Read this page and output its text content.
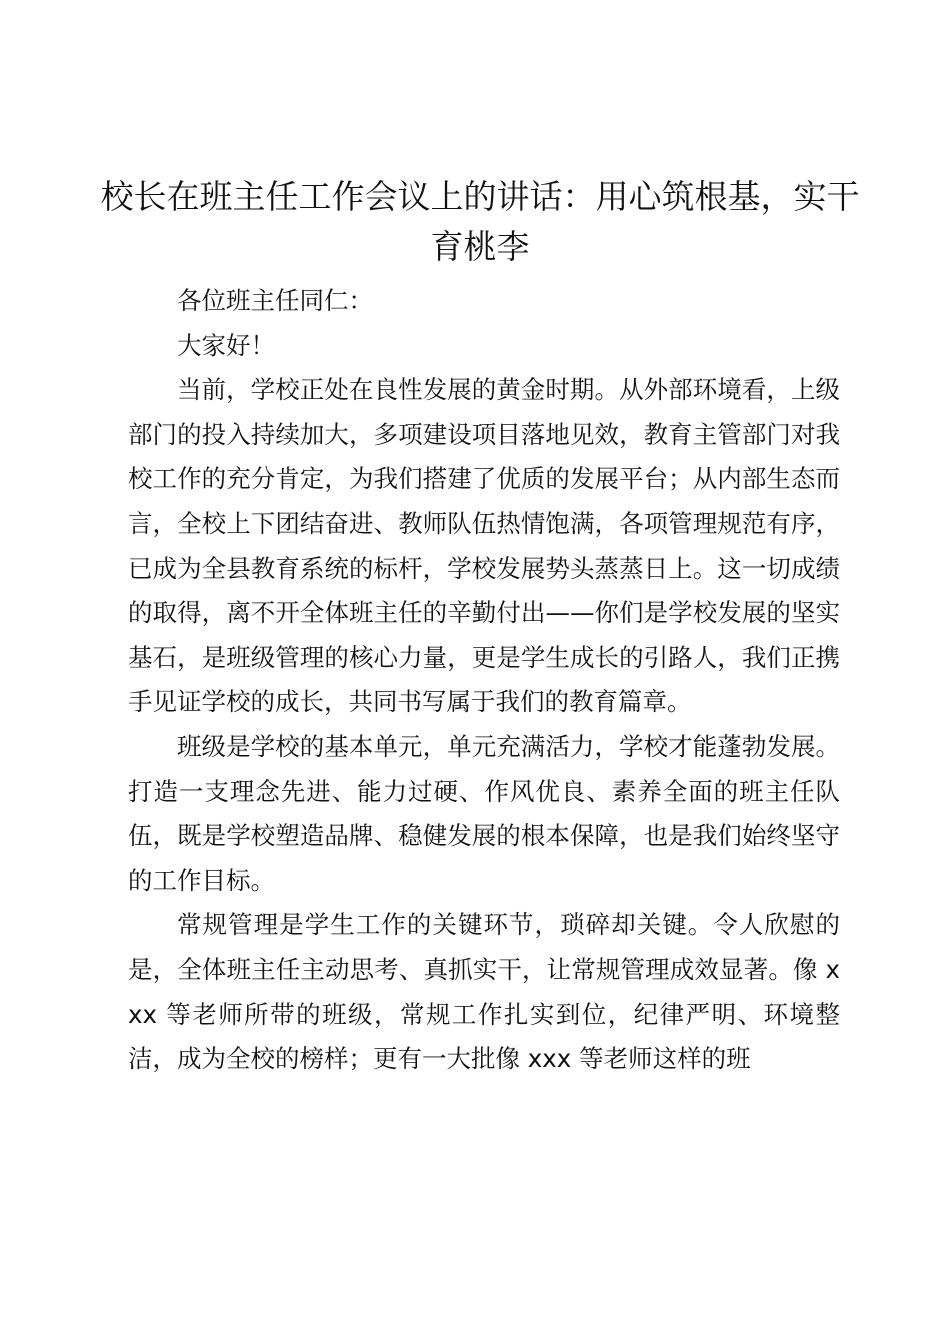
校长在班主任工作会议上的讲话：用心筑根基，实干育桃李

各位班主任同仁：

大家好！

当前，学校正处在良性发展的黄金时期。从外部环境看，上级部门的投入持续加大，多项建设项目落地见效，教育主管部门对我校工作的充分肯定，为我们搭建了优质的发展平台；从内部生态而言，全校上下团结奋进、教师队伍热情饱满，各项管理规范有序，已成为全县教育系统的标杆，学校发展势头蒸蒸日上。这一切成绩的取得，离不开全体班主任的辛勤付出——你们是学校发展的坚实基石，是班级管理的核心力量，更是学生成长的引路人，我们正携手见证学校的成长，共同书写属于我们的教育篇章。

班级是学校的基本单元，单元充满活力，学校才能蓬勃发展。打造一支理念先进、能力过硬、作风优良、素养全面的班主任队伍，既是学校塑造品牌、稳健发展的根本保障，也是我们始终坚守的工作目标。

常规管理是学生工作的关键环节，琐碎却关键。令人欣慰的是，全体班主任主动思考、真抓实干，让常规管理成效显著。像 xxx 等老师所带的班级，常规工作扎实到位，纪律严明、环境整洁，成为全校的榜样；更有一大批像 xxx 等老师这样的班
